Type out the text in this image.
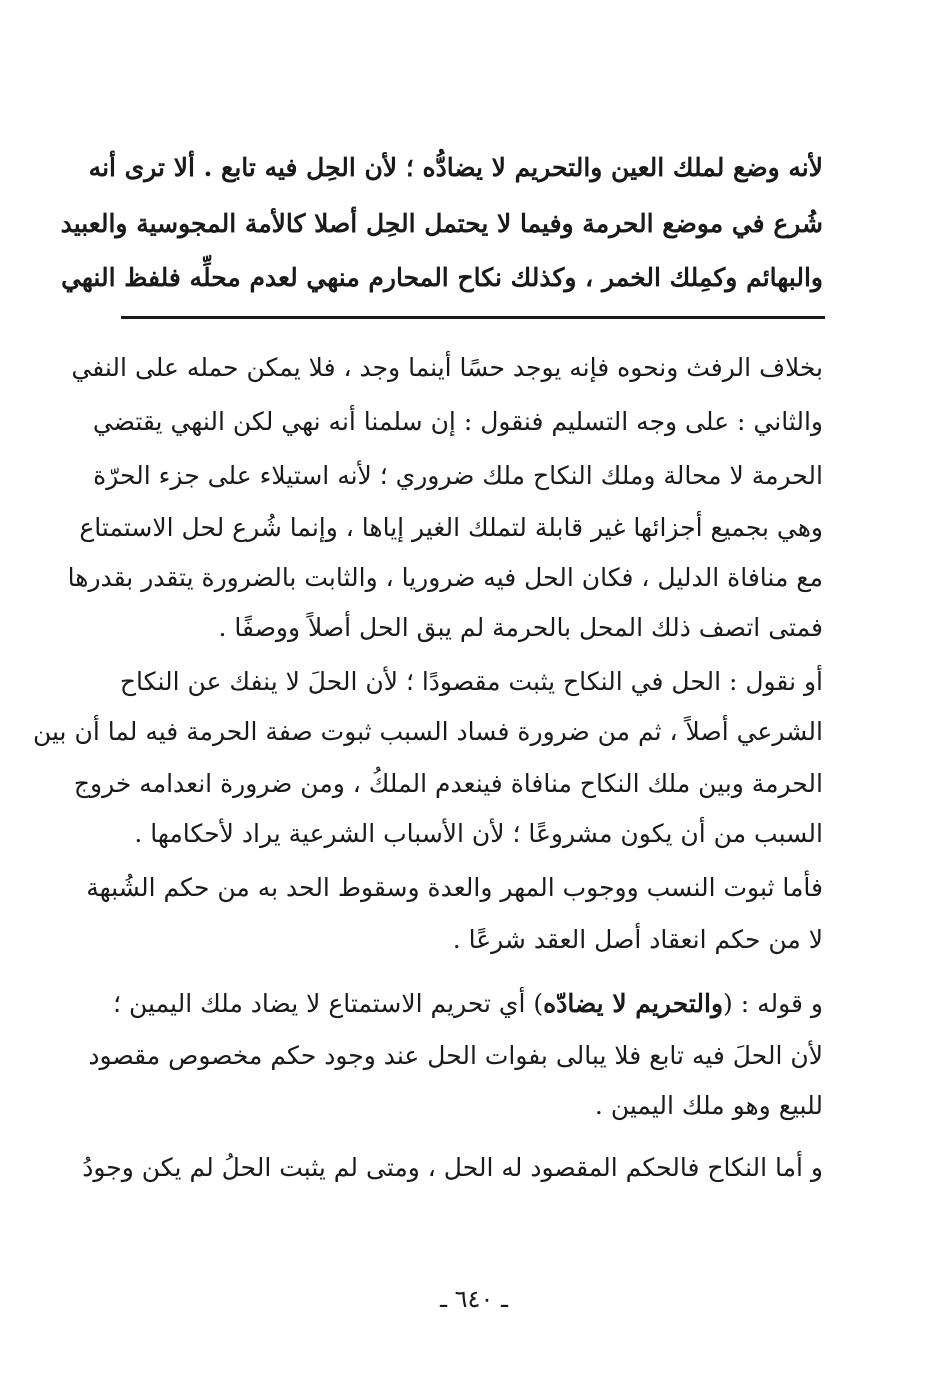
لأنه وضع لملك العين والتحريم لا يضادُّه ؛ لأن الحِل فيه تابع . ألا ترى أنه
شُرع في موضع الحرمة وفيما لا يحتمل الحِل أصلا كالأمة المجوسية والعبيد
والبهائم وكمِلك الخمر ، وكذلك نكاح المحارم منهي لعدم محلِّه فلفظ النهي
بخلاف الرفث ونحوه فإنه يوجد حسًا أينما وجد ، فلا يمكن حمله على النفي
والثاني : على وجه التسليم فنقول : إن سلمنا أنه نهي لكن النهي يقتضي
الحرمة لا محالة وملك النكاح ملك ضروري ؛ لأنه استيلاء على جزء الحرّة
وهي بجميع أجزائها غير قابلة لتملك الغير إياها ، وإنما شُرع لحل الاستمتاع
مع منافاة الدليل ، فكان الحل فيه ضروريا ، والثابت بالضرورة يتقدر بقدرها
فمتى اتصف ذلك المحل بالحرمة لم يبق الحل أصلاً ووصفًا .
أو نقول : الحل في النكاح يثبت مقصودًا ؛ لأن الحلَ لا ينفك عن النكاح
الشرعي أصلاً ، ثم من ضرورة فساد السبب ثبوت صفة الحرمة فيه لما أن بين
الحرمة وبين ملك النكاح منافاة فينعدم الملكُ ، ومن ضرورة انعدامه خروج
السبب من أن يكون مشروعًا ؛ لأن الأسباب الشرعية يراد لأحكامها .
فأما ثبوت النسب ووجوب المهر والعدة وسقوط الحد به من حكم الشُبهة
لا من حكم انعقاد أصل العقد شرعًا .
و قوله : (والتحريم لا يضادّه) أي تحريم الاستمتاع لا يضاد ملك اليمين ؛
لأن الحلَ فيه تابع فلا يبالى بفوات الحل عند وجود حكم مخصوص مقصود
للبيع وهو ملك اليمين .
و أما النكاح فالحكم المقصود له الحل ، ومتى لم يثبت الحلُ لم يكن وجودُ
ـ ٦٤٠ ـ
